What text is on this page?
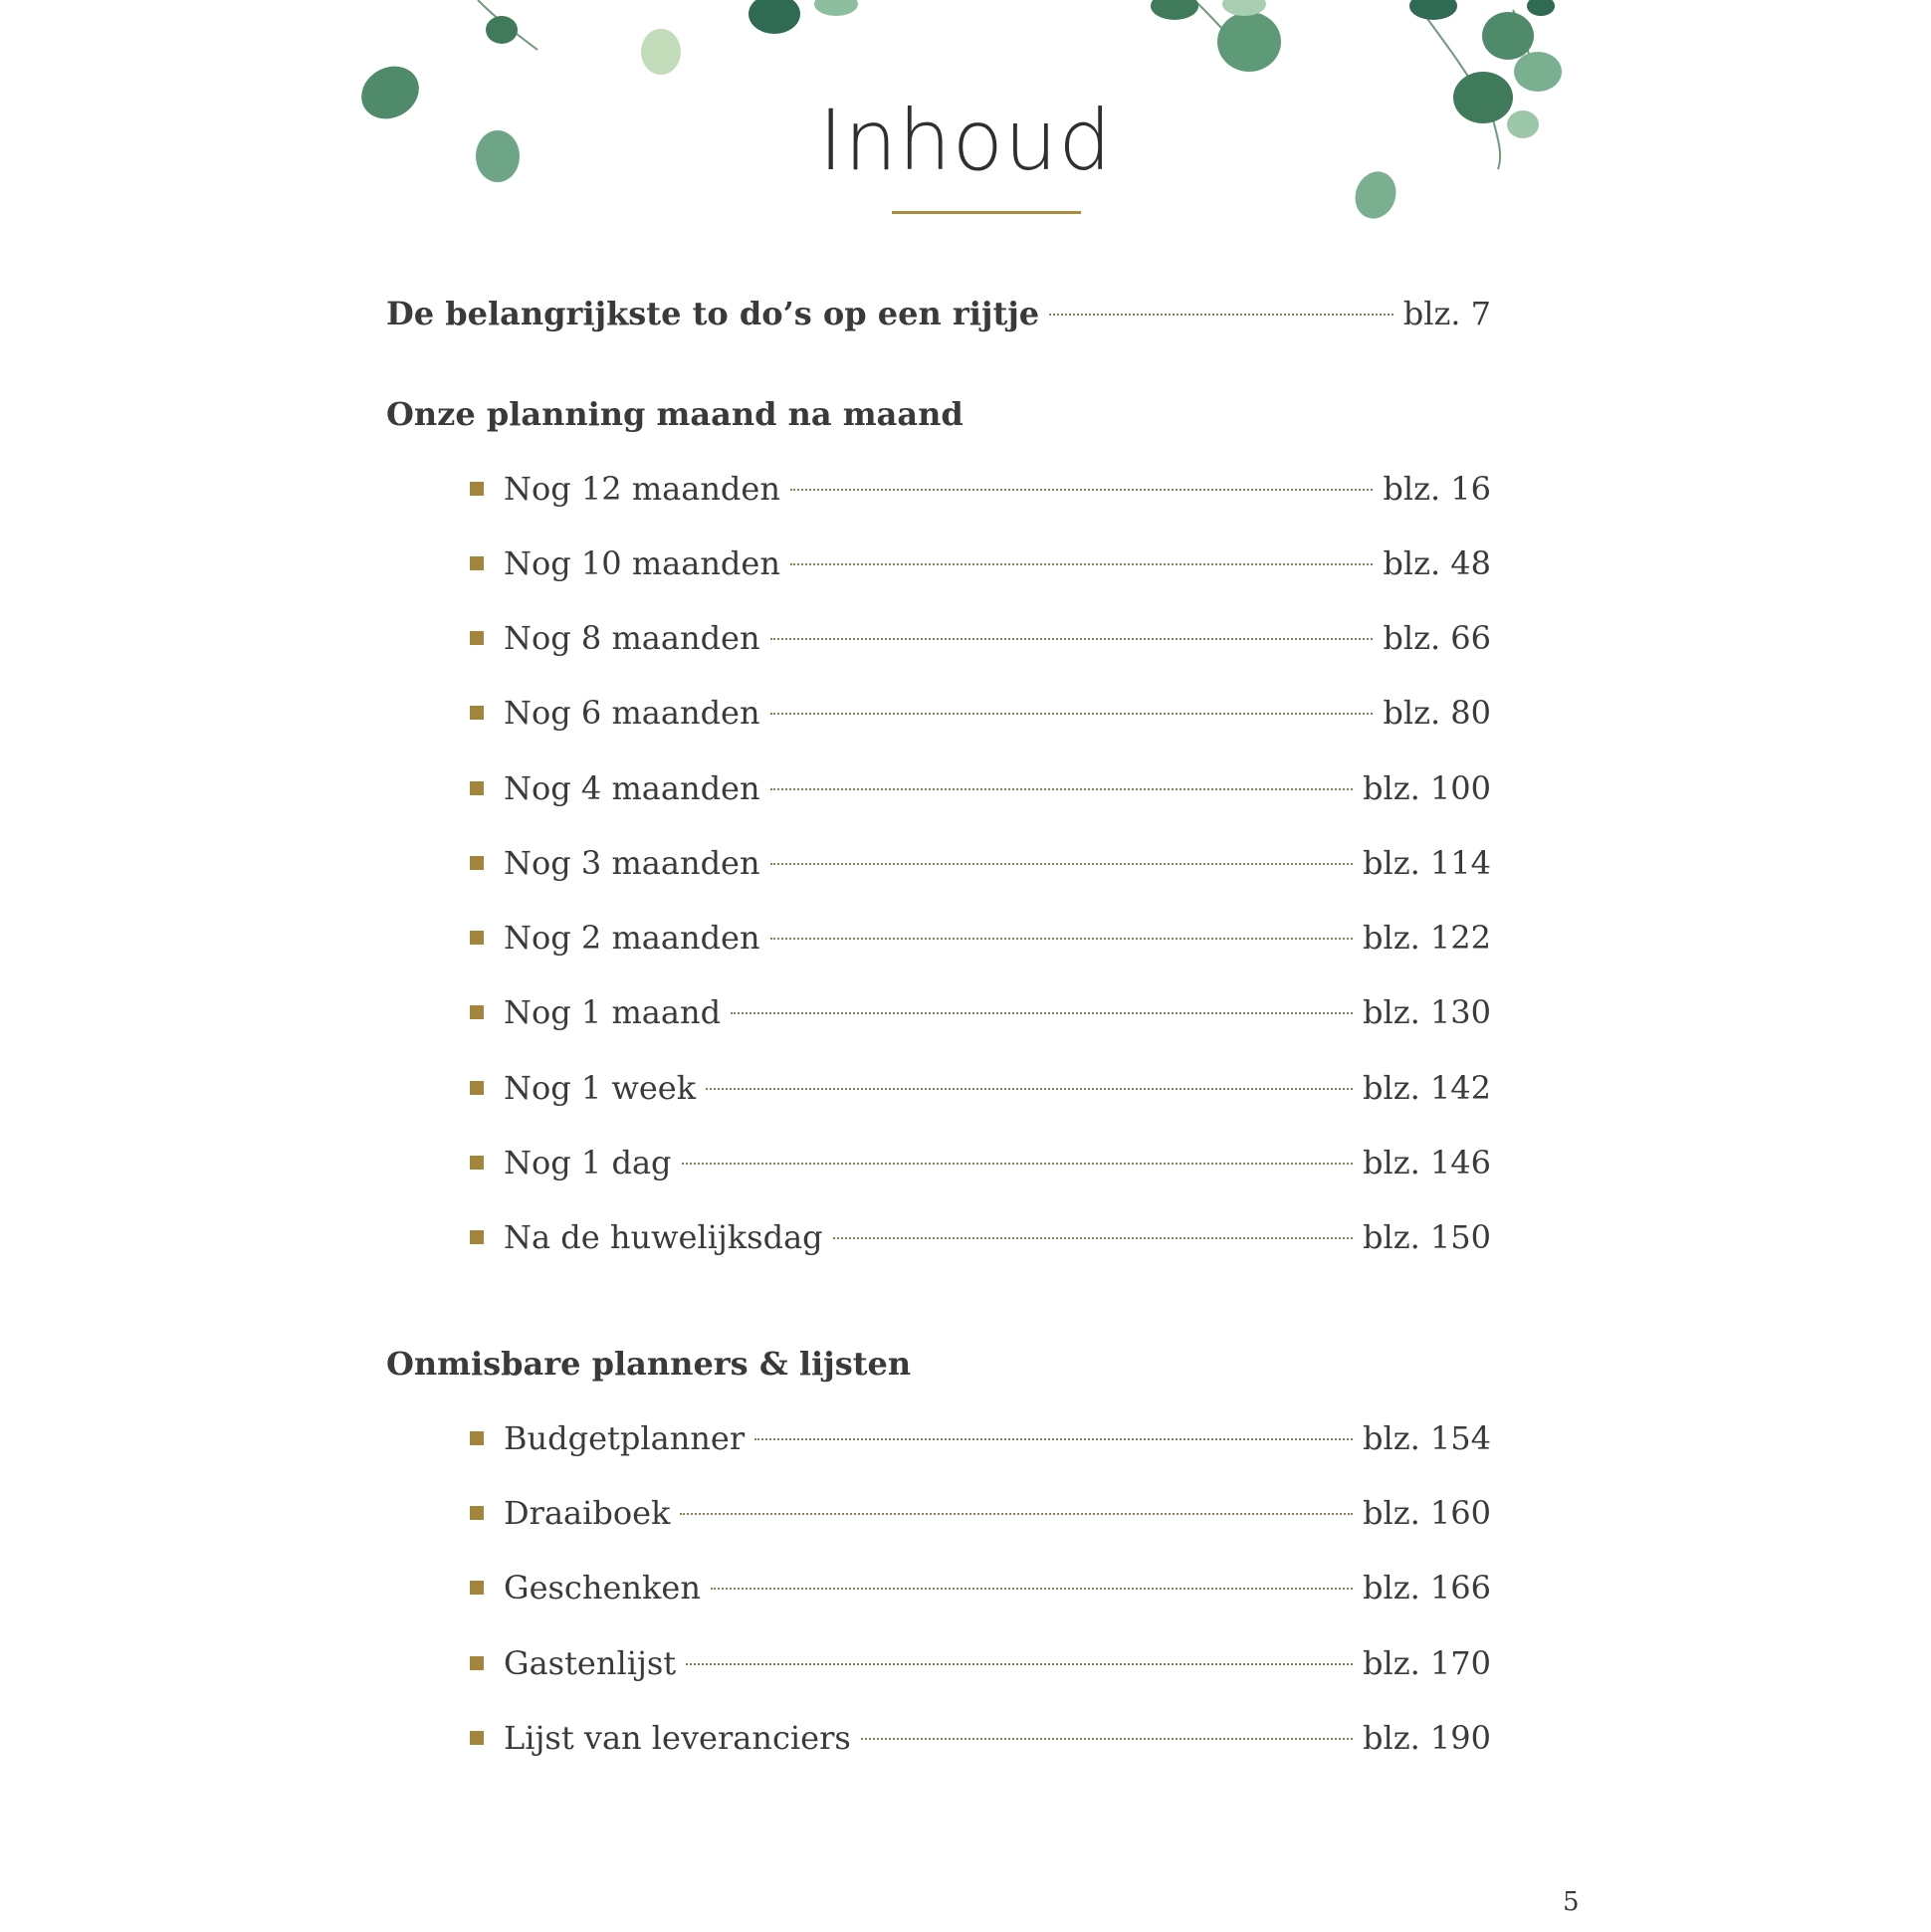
Inhoud
De belangrijkste to do’s op een rijtje	blz. 7
Onze planning maand na maand
Nog 12 maanden	blz. 16
Nog 10 maanden	blz. 48
Nog 8 maanden	blz. 66
Nog 6 maanden	blz. 80
Nog 4 maanden	blz. 100
Nog 3 maanden	blz. 114
Nog 2 maanden	blz. 122
Nog 1 maand	blz. 130
Nog 1 week	blz. 142
Nog 1 dag	blz. 146
Na de huwelijksdag	blz. 150
Onmisbare planners & lijsten
Budgetplanner	blz. 154
Draaiboek	blz. 160
Geschenken	blz. 166
Gastenlijst	blz. 170
Lijst van leveranciers	blz. 190
5
